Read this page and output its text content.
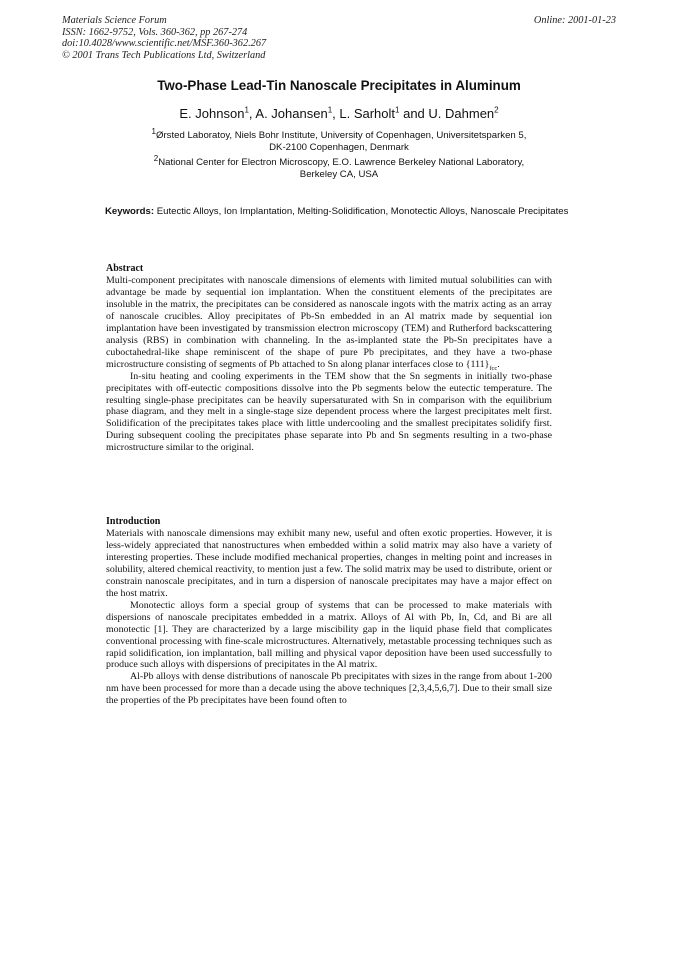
Materials Science Forum
ISSN: 1662-9752, Vols. 360-362, pp 267-274
doi:10.4028/www.scientific.net/MSF.360-362.267
© 2001 Trans Tech Publications Ltd, Switzerland
Online: 2001-01-23
Two-Phase Lead-Tin Nanoscale Precipitates in Aluminum
E. Johnson$^1$, A. Johansen$^1$, L. Sarholt$^1$ and U. Dahmen$^2$
$^1$Ørsted Laboratoy, Niels Bohr Institute, University of Copenhagen, Universitetsparken 5,
DK-2100 Copenhagen, Denmark
$^2$National Center for Electron Microscopy, E.O. Lawrence Berkeley National Laboratory,
Berkeley CA, USA
Keywords: Eutectic Alloys, Ion Implantation, Melting-Solidification, Monotectic Alloys, Nanoscale Precipitates
Abstract

Multi-component precipitates with nanoscale dimensions of elements with limited mutual solubilities can with advantage be made by sequential ion implantation. When the constituent elements of the precipitates are insoluble in the matrix, the precipitates can be considered as nanoscale ingots with the matrix acting as an array of nanoscale crucibles. Alloy precipitates of Pb-Sn embedded in an Al matrix made by sequential ion implantation have been investigated by transmission electron microscopy (TEM) and Rutherford backscattering analysis (RBS) in combination with channeling. In the as-implanted state the Pb-Sn precipitates have a cuboctahedral-like shape reminiscent of the shape of pure Pb precipitates, and they have a two-phase microstructure consisting of segments of Pb attached to Sn along planar interfaces close to $\{111\}_{fcc}$.

In-situ heating and cooling experiments in the TEM show that the Sn segments in initially two-phase precipitates with off-eutectic compositions dissolve into the Pb segments below the eutectic temperature. The resulting single-phase precipitates can be heavily supersaturated with Sn in comparison with the equilibrium phase diagram, and they melt in a single-stage size dependent process where the largest precipitates melt first. Solidification of the precipitates takes place with little undercooling and the smallest precipitates solidify first. During subsequent cooling the precipitates phase separate into Pb and Sn segments resulting in a two-phase microstructure similar to the original.

Introduction

Materials with nanoscale dimensions may exhibit many new, useful and often exotic properties. However, it is less-widely appreciated that nanostructures when embedded within a solid matrix may also have a variety of interesting properties. These include modified mechanical properties, changes in melting point and increases in solubility, altered chemical reactivity, to mention just a few. The solid matrix may be used to distribute, orient or constrain nanoscale precipitates, and in turn a dispersion of nanoscale precipitates may have a major effect on the host matrix.

Monotectic alloys form a special group of systems that can be processed to make materials with dispersions of nanoscale precipitates embedded in a matrix. Alloys of Al with Pb, In, Cd, and Bi are all monotectic [1]. They are characterized by a large miscibility gap in the liquid phase field that complicates conventional processing with fine-scale microstructures. Alternatively, metastable processing techniques such as rapid solidification, ion implantation, ball milling and physical vapor deposition have been used successfully to produce such alloys with dispersions of precipitates in the Al matrix.

Al-Pb alloys with dense distributions of nanoscale Pb precipitates with sizes in the range from about 1-200 nm have been processed for more than a decade using the above techniques [2,3,4,5,6,7]. Due to their small size the properties of the Pb precipitates have been found often to
